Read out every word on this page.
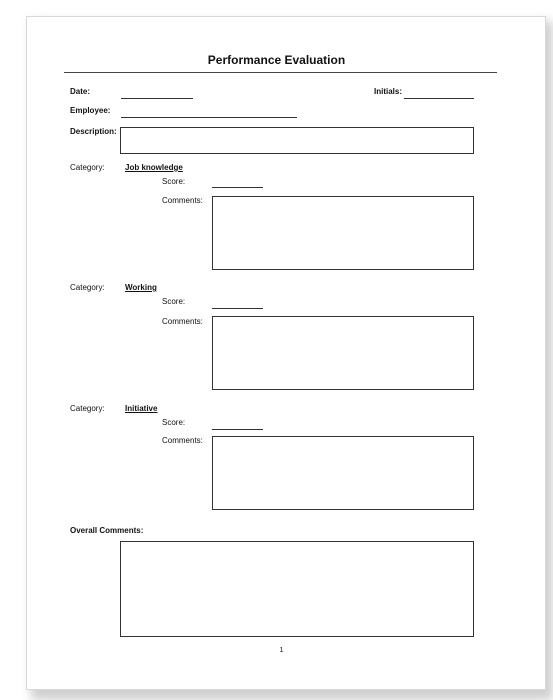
Performance Evaluation
Date:	Initials:
Employee:
Description:
Category:	Job knowledge
Score:
Comments:
Category:	Working
Score:
Comments:
Category:	Initiative
Score:
Comments:
Overall Comments:
1
